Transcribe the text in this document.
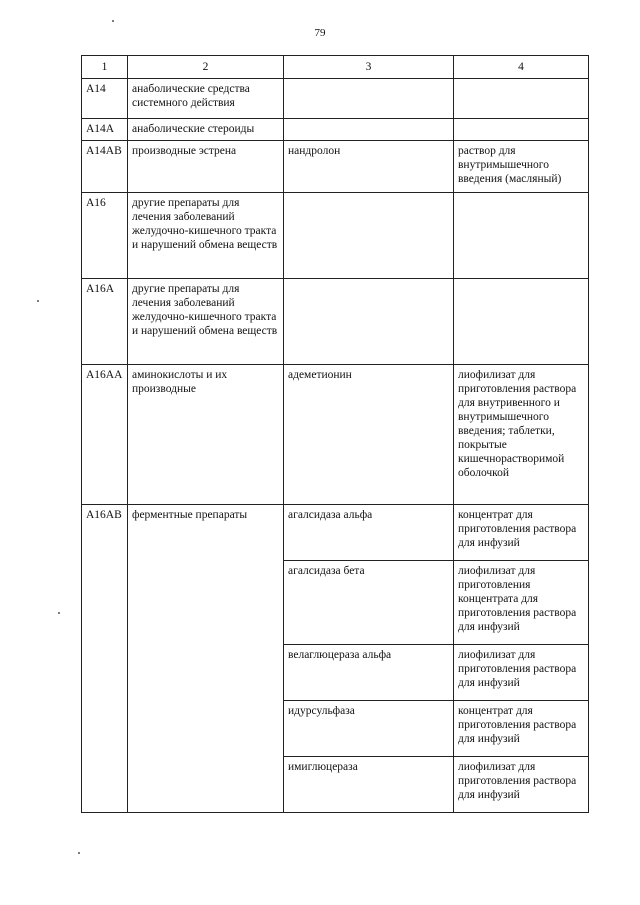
79
1	2	3	4
A14	анаболические средства системного действия		
A14A	анаболические стероиды		
A14AB	производные эстрена	нандролон	раствор для внутримышечного введения (масляный)
A16	другие препараты для лечения заболеваний желудочно-кишечного тракта и нарушений обмена веществ		
A16A	другие препараты для лечения заболеваний желудочно-кишечного тракта и нарушений обмена веществ		
A16AA	аминокислоты и их производные	адеметионин	лиофилизат для приготовления раствора для внутривенного и внутримышечного введения; таблетки, покрытые кишечнорастворимой оболочкой
A16AB	ферментные препараты	агалсидаза альфа	концентрат для приготовления раствора для инфузий
		агалсидаза бета	лиофилизат для приготовления концентрата для приготовления раствора для инфузий
		велаглюцераза альфа	лиофилизат для приготовления раствора для инфузий
		идурсульфаза	концентрат для приготовления раствора для инфузий
		имиглюцераза	лиофилизат для приготовления раствора для инфузий
